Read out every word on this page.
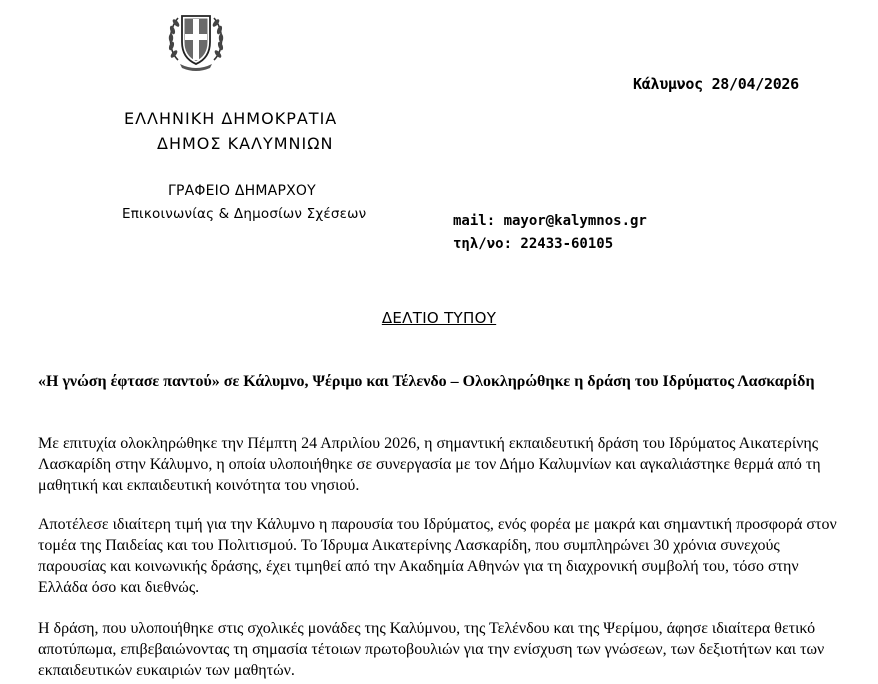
Κάλυμνος 28/04/2026
ΕΛΛΗΝΙΚΗ ΔΗΜΟΚΡΑΤΙΑ
ΔΗΜΟΣ ΚΑΛΥΜΝΙΩΝ
ΓΡΑΦΕΙΟ ΔΗΜΑΡΧΟΥ
Επικοινωνίας & Δημοσίων Σχέσεων	mail: mayor@kalymnos.gr
τηλ/νο: 22433-60105
ΔΕΛΤΙΟ ΤΥΠΟΥ
«Η γνώση έφτασε παντού» σε Κάλυμνο, Ψέριμο και Τέλενδο – Ολοκληρώθηκε η δράση του Ιδρύματος Λασκαρίδη
Με επιτυχία ολοκληρώθηκε την Πέμπτη 24 Απριλίου 2026, η σημαντική εκπαιδευτική δράση του Ιδρύματος Αικατερίνης Λασκαρίδη στην Κάλυμνο, η οποία υλοποιήθηκε σε συνεργασία με τον Δήμο Καλυμνίων και αγκαλιάστηκε θερμά από τη μαθητική και εκπαιδευτική κοινότητα του νησιού.
Αποτέλεσε ιδιαίτερη τιμή για την Κάλυμνο η παρουσία του Ιδρύματος, ενός φορέα με μακρά και σημαντική προσφορά στον τομέα της Παιδείας και του Πολιτισμού. Το Ίδρυμα Αικατερίνης Λασκαρίδη, που συμπληρώνει 30 χρόνια συνεχούς παρουσίας και κοινωνικής δράσης, έχει τιμηθεί από την Ακαδημία Αθηνών για τη διαχρονική συμβολή του, τόσο στην Ελλάδα όσο και διεθνώς.
Η δράση, που υλοποιήθηκε στις σχολικές μονάδες της Καλύμνου, της Τελένδου και της Ψερίμου, άφησε ιδιαίτερα θετικό αποτύπωμα, επιβεβαιώνοντας τη σημασία τέτοιων πρωτοβουλιών για την ενίσχυση των γνώσεων, των δεξιοτήτων και των εκπαιδευτικών ευκαιριών των μαθητών.
